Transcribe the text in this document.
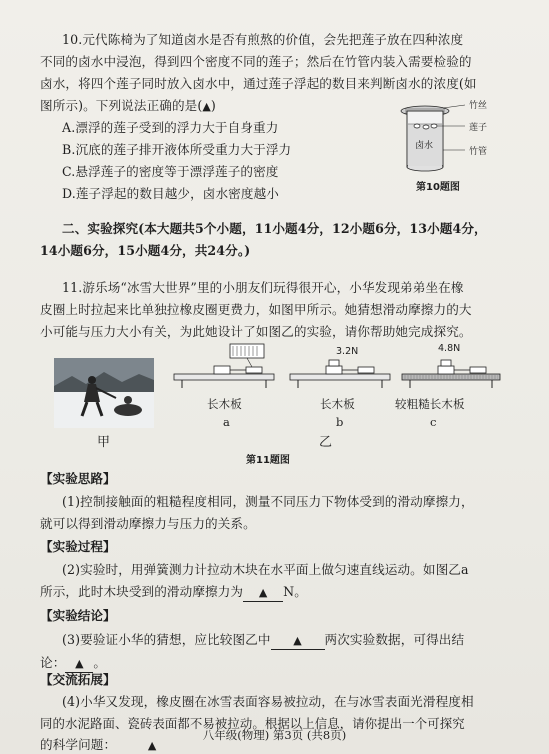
10.元代陈椅为了知道卤水是否有煎熬的价值，会先把莲子放在四种浓度
不同的卤水中浸泡，得到四个密度不同的莲子；然后在竹管内装入需要检验的
卤水，将四个莲子同时放入卤水中，通过莲子浮起的数目来判断卤水的浓度(如
图所示)。下列说法正确的是(▲)
A.漂浮的莲子受到的浮力大于自身重力
B.沉底的莲子排开液体所受重力大于浮力
C.悬浮莲子的密度等于漂浮莲子的密度
D.莲子浮起的数目越少，卤水密度越小
竹丝
莲子
竹管
卤水
第10题图
二、实验探究(本大题共5个小题，11小题4分，12小题6分，13小题4分，
14小题6分，15小题4分，共24分。)
11.游乐场“冰雪大世界”里的小朋友们玩得很开心，小华发现弟弟坐在橡
皮圈上时拉起来比单独拉橡皮圈更费力，如图甲所示。她猜想滑动摩擦力的大
小可能与压力大小有关，为此她设计了如图乙的实验，请你帮助她完成探究。
甲
3.2N	4.8N
长木板	长木板	较粗糙长木板
a	b	c
乙
第11题图
【实验思路】
(1)控制接触面的粗糙程度相同，测量不同压力下物体受到的滑动摩擦力，
就可以得到滑动摩擦力与压力的关系。
【实验过程】
(2)实验时，用弹簧测力计拉动木块在水平面上做匀速直线运动。如图乙a
所示，此时木块受到的滑动摩擦力为 ▲ N。
【实验结论】
(3)要验证小华的猜想，应比较图乙中 ▲ 两次实验数据，可得出结
论： ▲ 。
【交流拓展】
(4)小华又发现，橡皮圈在冰雪表面容易被拉动，在与冰雪表面光滑程度相
同的水泥路面、瓷砖表面都不易被拉动。根据以上信息，请你提出一个可探究
的科学问题：	▲
八年级(物理) 第3页 (共8页)
